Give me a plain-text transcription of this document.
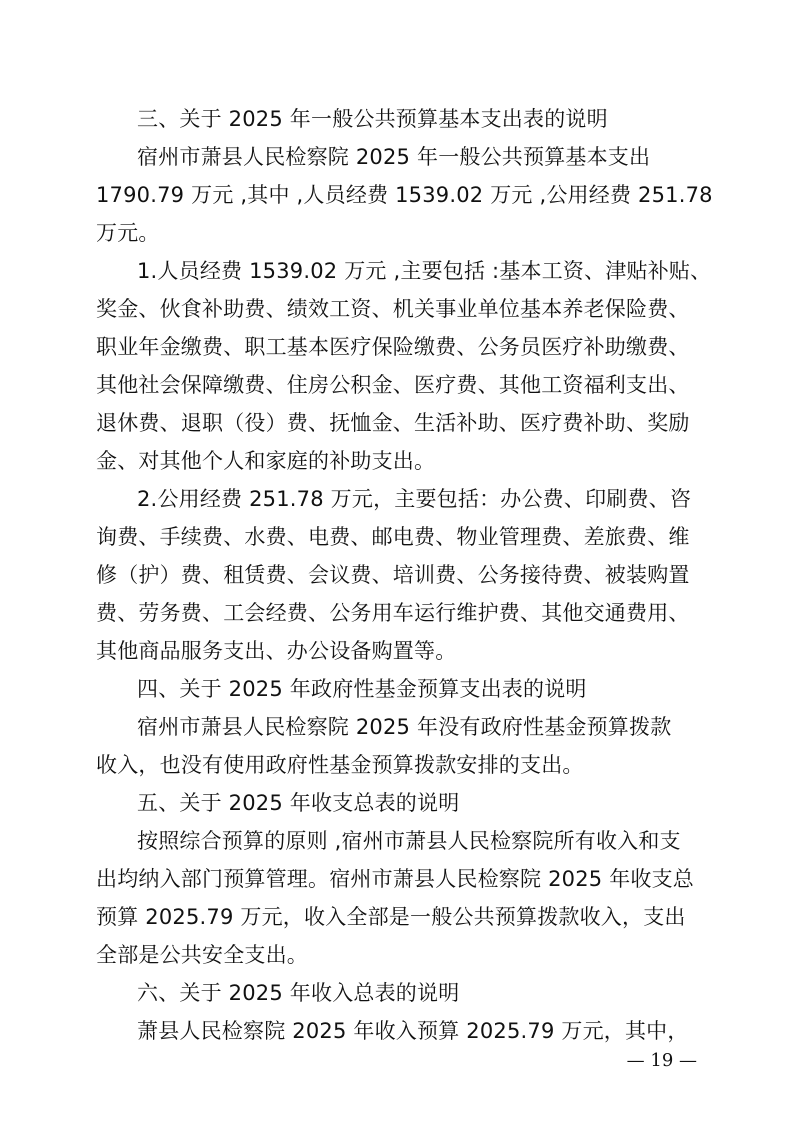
三、关于 2025 年一般公共预算基本支出表的说明
宿州市萧县人民检察院 2025 年一般公共预算基本支出
1790.79 万元 ,其中 ,人员经费 1539.02 万元 ,公用经费 251.78
万元。
1.人员经费 1539.02 万元 ,主要包括 :基本工资、津贴补贴、
奖金、伙食补助费、绩效工资、机关事业单位基本养老保险费、
职业年金缴费、职工基本医疗保险缴费、公务员医疗补助缴费、
其他社会保障缴费、住房公积金、医疗费、其他工资福利支出、
退休费、退职（役）费、抚恤金、生活补助、医疗费补助、奖励
金、对其他个人和家庭的补助支出。
2.公用经费 251.78 万元，主要包括：办公费、印刷费、咨
询费、手续费、水费、电费、邮电费、物业管理费、差旅费、维
修（护）费、租赁费、会议费、培训费、公务接待费、被装购置
费、劳务费、工会经费、公务用车运行维护费、其他交通费用、
其他商品服务支出、办公设备购置等。
四、关于 2025 年政府性基金预算支出表的说明
宿州市萧县人民检察院 2025 年没有政府性基金预算拨款
收入，也没有使用政府性基金预算拨款安排的支出。
五、关于 2025 年收支总表的说明
按照综合预算的原则 ,宿州市萧县人民检察院所有收入和支
出均纳入部门预算管理。宿州市萧县人民检察院 2025 年收支总
预算 2025.79 万元，收入全部是一般公共预算拨款收入，支出
全部是公共安全支出。
六、关于 2025 年收入总表的说明
萧县人民检察院 2025 年收入预算 2025.79 万元，其中，
— 19 —
